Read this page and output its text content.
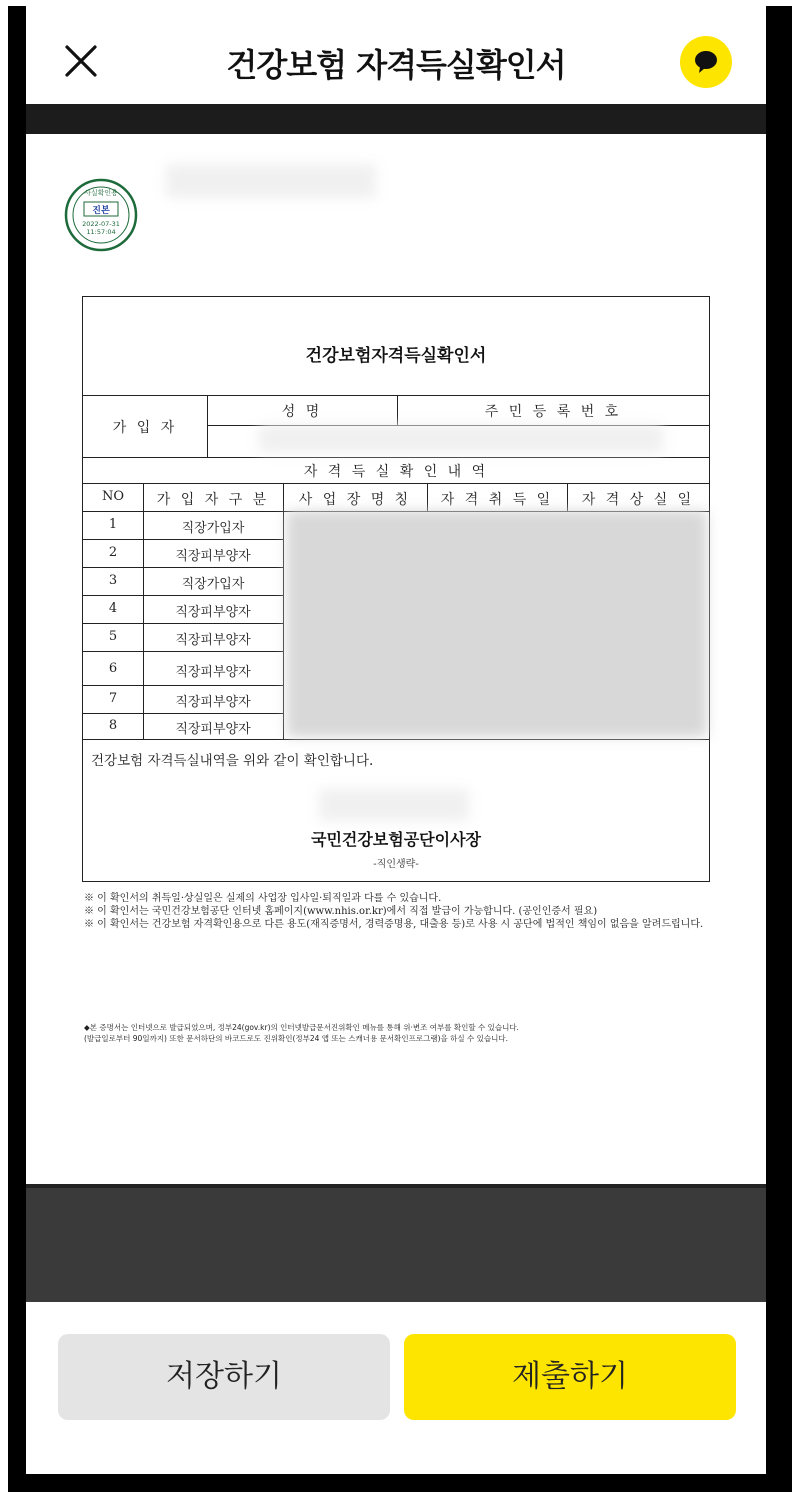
건강보험 자격득실확인서
사실확인용
진본
2022-07-31
11:57:04
건강보험자격득실확인서
가 입 자
성 명	주 민 등 록 번 호
자 격 득 실 확 인 내 역
NO	가 입 자 구 분	사 업 장 명 칭	자 격 취 득 일	자 격 상 실 일
1	직장가입자
2	직장피부양자
3	직장가입자
4	직장피부양자
5	직장피부양자
6	직장피부양자
7	직장피부양자
8	직장피부양자
건강보험 자격득실내역을 위와 같이 확인합니다.
국민건강보험공단이사장
-직인생략-

※ 이 확인서의 취득일·상실일은 실제의 사업장 입사일·퇴직일과 다를 수 있습니다.

※ 이 확인서는 국민건강보험공단 인터넷 홈페이지(www.nhis.or.kr)에서 직접 발급이 가능합니다. (공인인증서 필요)

※ 이 확인서는 건강보험 자격확인용으로 다른 용도(재직증명서, 경력증명용, 대출용 등)로 사용 시 공단에 법적인 책임이 없음을 알려드립니다.

◆본 증명서는 인터넷으로 발급되었으며, 정부24(gov.kr)의 인터넷발급문서진위확인 메뉴를 통해 위·변조 여부를 확인할 수 있습니다.

(발급일로부터 90일까지) 또한 문서하단의 바코드로도 진위확인(정부24 앱 또는 스캐너용 문서확인프로그램)을 하실 수 있습니다.

저장하기	제출하기
